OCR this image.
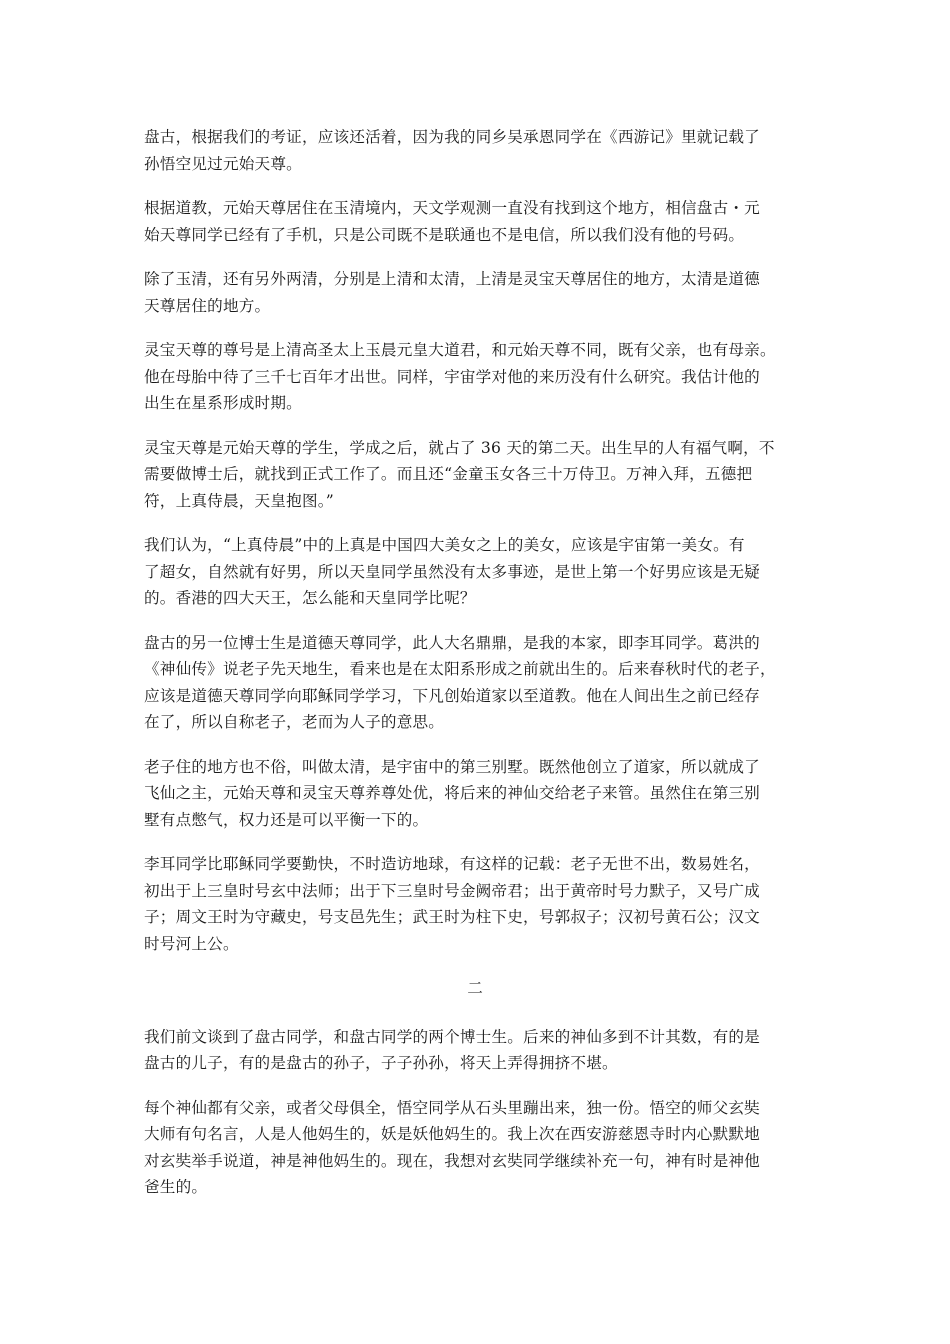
盘古，根据我们的考证，应该还活着，因为我的同乡吴承恩同学在《西游记》里就记载了
孙悟空见过元始天尊。

根据道教，元始天尊居住在玉清境内，天文学观测一直没有找到这个地方，相信盘古・元
始天尊同学已经有了手机，只是公司既不是联通也不是电信，所以我们没有他的号码。

除了玉清，还有另外两清，分别是上清和太清，上清是灵宝天尊居住的地方，太清是道德
天尊居住的地方。

灵宝天尊的尊号是上清高圣太上玉晨元皇大道君，和元始天尊不同，既有父亲，也有母亲。
他在母胎中待了三千七百年才出世。同样，宇宙学对他的来历没有什么研究。我估计他的
出生在星系形成时期。

灵宝天尊是元始天尊的学生，学成之后，就占了 36 天的第二天。出生早的人有福气啊，不
需要做博士后，就找到正式工作了。而且还“金童玉女各三十万侍卫。万神入拜，五德把
符，上真侍晨，天皇抱图。”

我们认为，“上真侍晨”中的上真是中国四大美女之上的美女，应该是宇宙第一美女。有
了超女，自然就有好男，所以天皇同学虽然没有太多事迹，是世上第一个好男应该是无疑
的。香港的四大天王，怎么能和天皇同学比呢？

盘古的另一位博士生是道德天尊同学，此人大名鼎鼎，是我的本家，即李耳同学。葛洪的
《神仙传》说老子先天地生，看来也是在太阳系形成之前就出生的。后来春秋时代的老子，
应该是道德天尊同学向耶稣同学学习，下凡创始道家以至道教。他在人间出生之前已经存
在了，所以自称老子，老而为人子的意思。

老子住的地方也不俗，叫做太清，是宇宙中的第三别墅。既然他创立了道家，所以就成了
飞仙之主，元始天尊和灵宝天尊养尊处优，将后来的神仙交给老子来管。虽然住在第三别
墅有点憋气，权力还是可以平衡一下的。

李耳同学比耶稣同学要勤快，不时造访地球，有这样的记载：老子无世不出，数易姓名，
初出于上三皇时号玄中法师；出于下三皇时号金阙帝君；出于黄帝时号力默子，又号广成
子；周文王时为守藏史，号支邑先生；武王时为柱下史，号郭叔子；汉初号黄石公；汉文
时号河上公。

二

我们前文谈到了盘古同学，和盘古同学的两个博士生。后来的神仙多到不计其数，有的是
盘古的儿子，有的是盘古的孙子，子子孙孙，将天上弄得拥挤不堪。

每个神仙都有父亲，或者父母俱全，悟空同学从石头里蹦出来，独一份。悟空的师父玄奘
大师有句名言，人是人他妈生的，妖是妖他妈生的。我上次在西安游慈恩寺时内心默默地
对玄奘举手说道，神是神他妈生的。现在，我想对玄奘同学继续补充一句，神有时是神他
爸生的。
